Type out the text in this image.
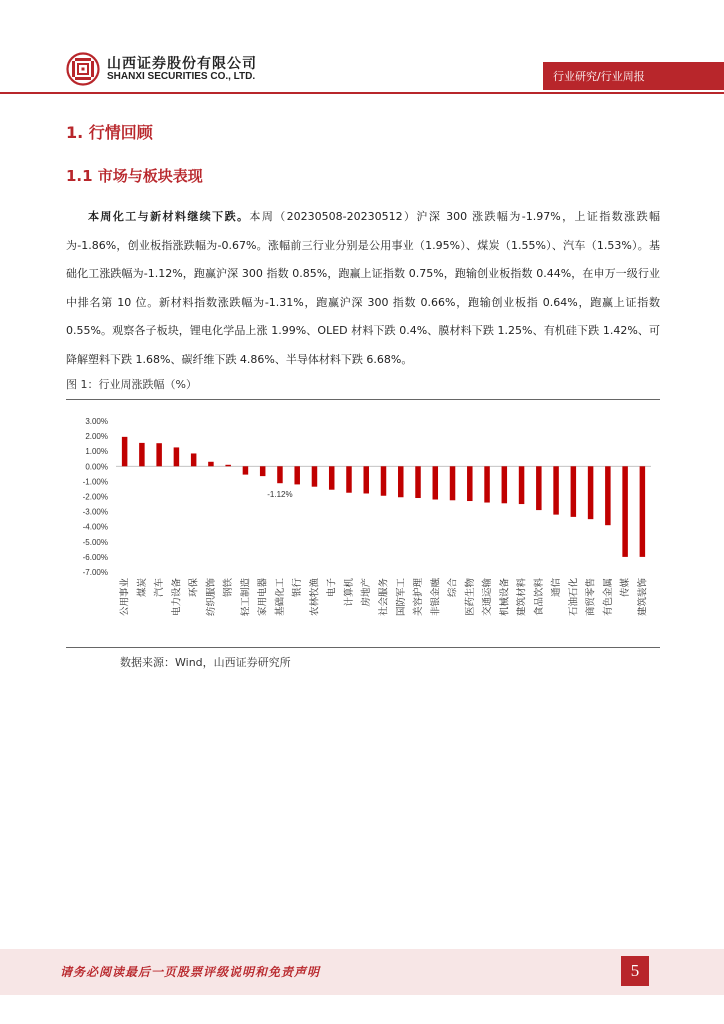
山西证券股份有限公司
SHANXI SECURITIES CO., LTD.	行业研究/行业周报
1. 行情回顾
1.1 市场与板块表现
本周化工与新材料继续下跌。本周（20230508-20230512）沪深 300 涨跌幅为-1.97%，上证指数涨跌幅为-1.86%，创业板指涨跌幅为-0.67%。涨幅前三行业分别是公用事业（1.95%）、煤炭（1.55%）、汽车（1.53%）。基础化工涨跌幅为-1.12%，跑赢沪深 300 指数 0.85%，跑赢上证指数 0.75%，跑输创业板指数 0.44%，在申万一级行业中排名第 10 位。新材料指数涨跌幅为-1.31%，跑赢沪深 300 指数 0.66%，跑输创业板指 0.64%，跑赢上证指数 0.55%。观察各子板块，锂电化学品上涨 1.99%、OLED 材料下跌 0.4%、膜材料下跌 1.25%、有机硅下跌 1.42%、可降解塑料下跌 1.68%、碳纤维下跌 4.86%、半导体材料下跌 6.68%。
图 1：行业周涨跌幅（%）
3.00%
2.00%
1.00%
0.00%
-1.00%
-2.00%
-3.00%
-4.00%
-5.00%
-6.00%
-7.00%
公用事业 煤炭 汽车 电力设备 环保 纺织服饰 钢铁 轻工制造 家用电器 基础化工 银行 农林牧渔 电子 计算机 房地产 社会服务 国防军工 美容护理 非银金融 综合 医药生物 交通运输 机械设备 建筑材料 食品饮料 通信 石油石化 商贸零售 有色金属 传媒 建筑装饰
-1.12%
数据来源：Wind，山西证券研究所
请务必阅读最后一页股票评级说明和免责声明	5
